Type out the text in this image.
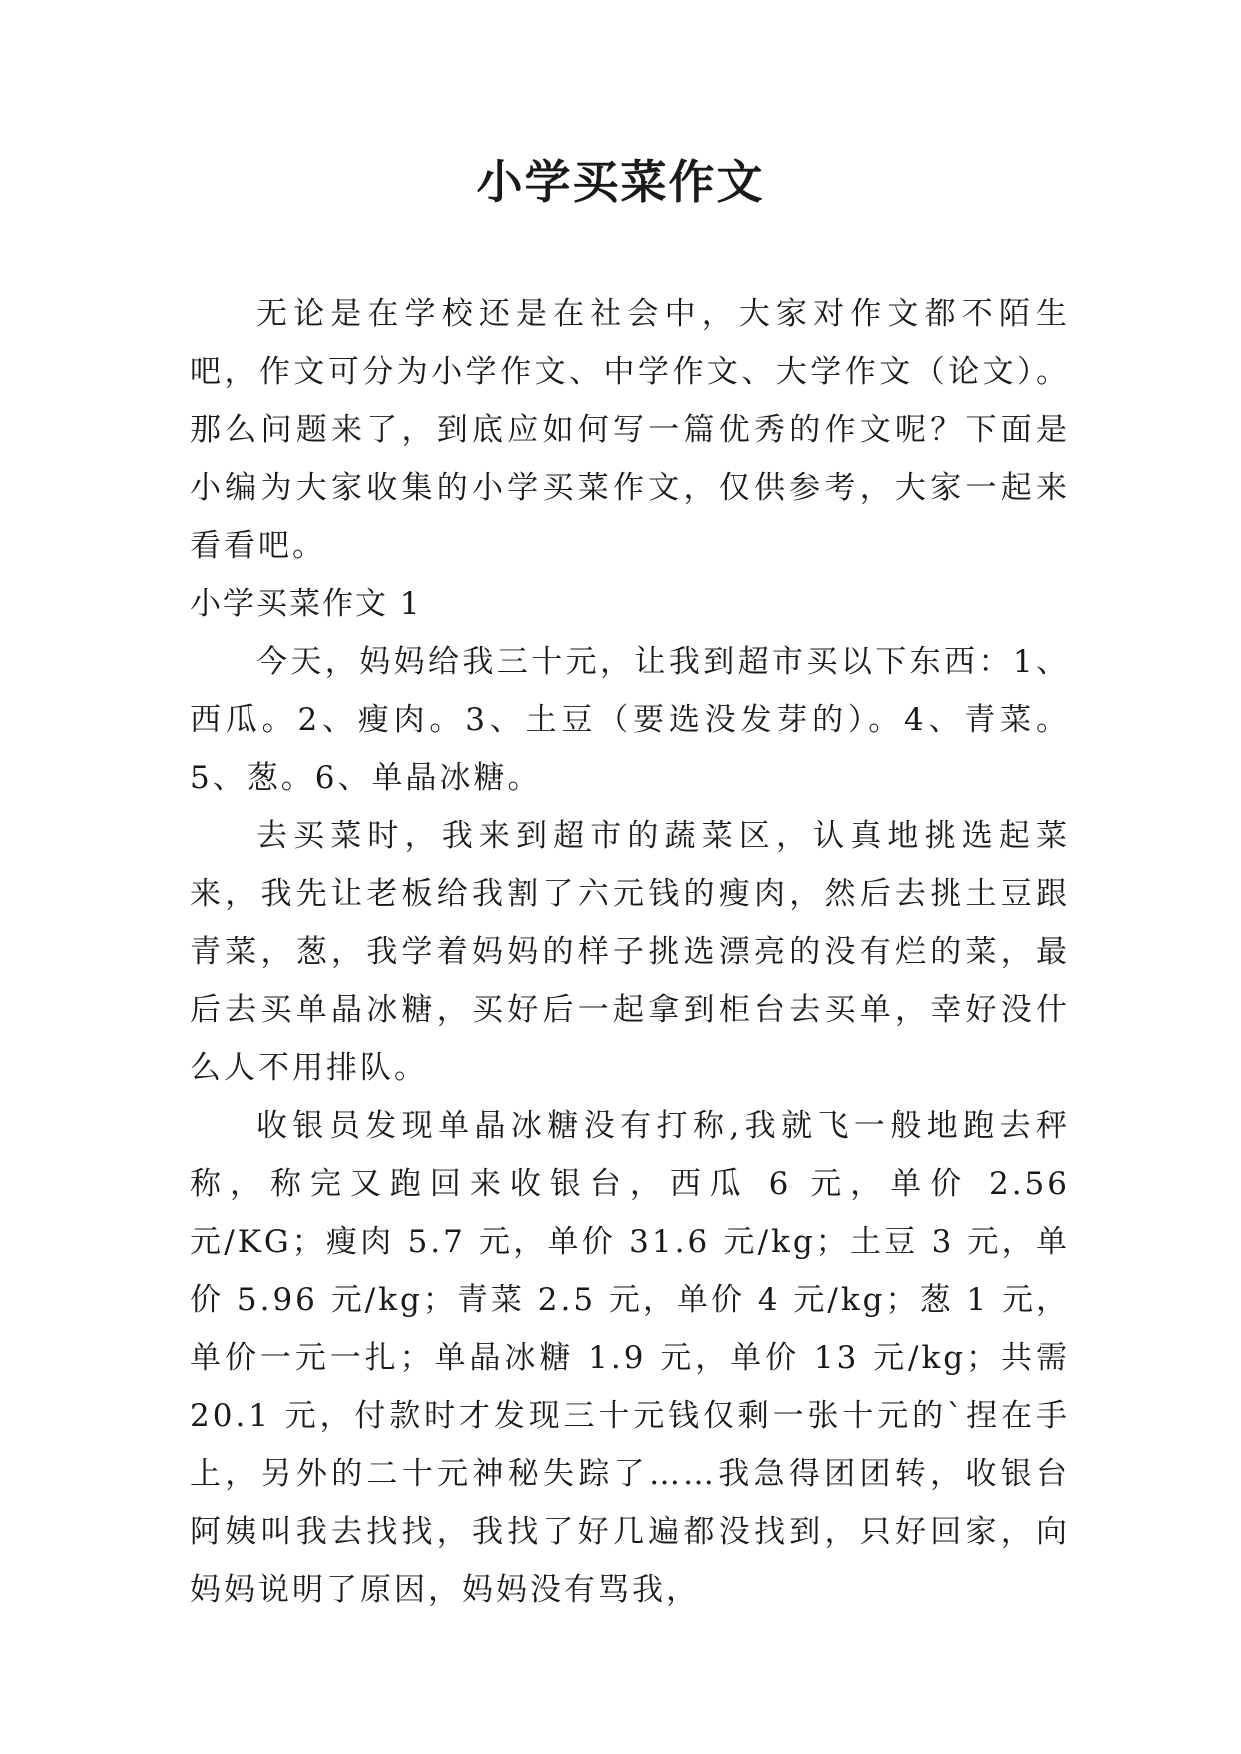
小学买菜作文

无论是在学校还是在社会中，大家对作文都不陌生吧，作文可分为小学作文、中学作文、大学作文（论文）。那么问题来了，到底应如何写一篇优秀的作文呢？下面是小编为大家收集的小学买菜作文，仅供参考，大家一起来看看吧。

小学买菜作文 1

今天，妈妈给我三十元，让我到超市买以下东西：1、西瓜。2、瘦肉。3、土豆（要选没发芽的）。4、青菜。5、葱。6、单晶冰糖。

去买菜时，我来到超市的蔬菜区，认真地挑选起菜来，我先让老板给我割了六元钱的瘦肉，然后去挑土豆跟青菜，葱，我学着妈妈的样子挑选漂亮的没有烂的菜，最后去买单晶冰糖，买好后一起拿到柜台去买单，幸好没什么人不用排队。

收银员发现单晶冰糖没有打称,我就飞一般地跑去秤称，称完又跑回来收银台，西瓜 6 元，单价 2.56 元/KG；瘦肉 5.7 元，单价 31.6 元/kg；土豆 3 元，单价 5.96 元/kg；青菜 2.5 元，单价 4 元/kg；葱 1 元，单价一元一扎；单晶冰糖 1.9 元，单价 13 元/kg；共需 20.1 元，付款时才发现三十元钱仅剩一张十元的`捏在手上，另外的二十元神秘失踪了……我急得团团转，收银台阿姨叫我去找找，我找了好几遍都没找到，只好回家，向妈妈说明了原因，妈妈没有骂我，
